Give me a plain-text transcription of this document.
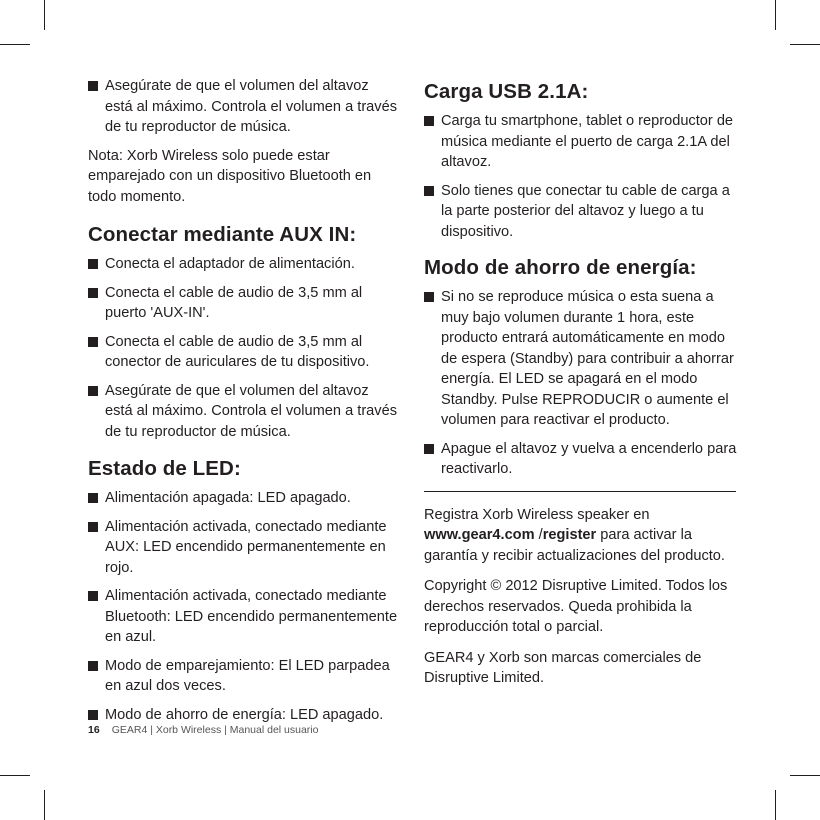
Asegúrate de que el volumen del altavoz está al máximo. Controla el volumen a través de tu reproductor de música.

Nota: Xorb Wireless solo puede estar emparejado con un dispositivo Bluetooth en todo momento.

Conectar mediante AUX IN:
Conecta el adaptador de alimentación.
Conecta el cable de audio de 3,5 mm al puerto 'AUX-IN'.
Conecta el cable de audio de 3,5 mm al conector de auriculares de tu dispositivo.
Asegúrate de que el volumen del altavoz está al máximo. Controla el volumen a través de tu reproductor de música.
Estado de LED:
Alimentación apagada: LED apagado.
Alimentación activada, conectado mediante AUX: LED encendido permanentemente en rojo.
Alimentación activada, conectado mediante Bluetooth: LED encendido permanentemente en azul.
Modo de emparejamiento: El LED parpadea en azul dos veces.
Modo de ahorro de energía: LED apagado.
Carga USB 2.1A:
Carga tu smartphone, tablet o reproductor de música mediante el puerto de carga 2.1A del altavoz.
Solo tienes que conectar tu cable de carga a la parte posterior del altavoz y luego a tu dispositivo.
Modo de ahorro de energía:
Si no se reproduce música o esta suena a muy bajo volumen durante 1 hora, este producto entrará automáticamente en modo de espera (Standby) para contribuir a ahorrar energía. El LED se apagará en el modo Standby. Pulse REPRODUCIR o aumente el volumen para reactivar el producto.
Apague el altavoz y vuelva a encenderlo para reactivarlo.

Registra Xorb Wireless speaker en www.gear4.com /register para activar la garantía y recibir actualizaciones del producto.

Copyright © 2012 Disruptive Limited. Todos los derechos reservados. Queda prohibida la reproducción total o parcial.

GEAR4 y Xorb son marcas comerciales de Disruptive Limited.

16 GEAR4 | Xorb Wireless | Manual del usuario
